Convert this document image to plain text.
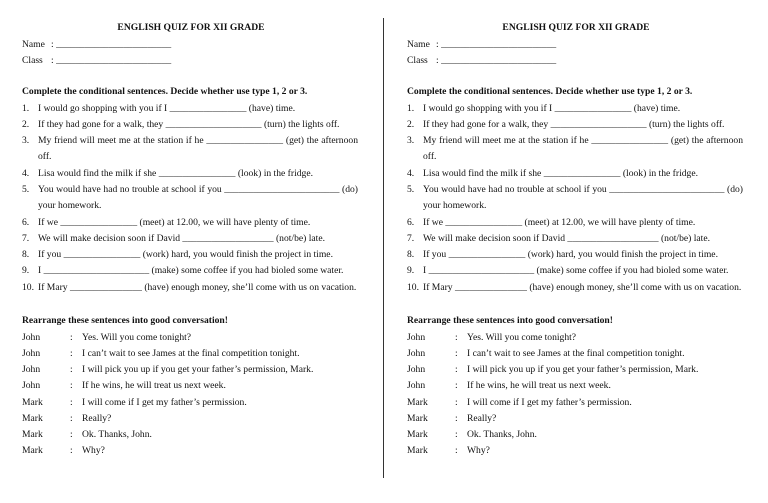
ENGLISH QUIZ FOR XII GRADE
Name : ________________________
Class : ________________________
Complete the conditional sentences. Decide whether use type 1, 2 or 3.
1. I would go shopping with you if I ________________ (have) time.
2. If they had gone for a walk, they ____________________ (turn) the lights off.
3. My friend will meet me at the station if he ________________ (get) the afternoon off.
4. Lisa would find the milk if she ________________ (look) in the fridge.
5. You would have had no trouble at school if you ________________________ (do) your homework.
6. If we ________________ (meet) at 12.00, we will have plenty of time.
7. We will make decision soon if David ___________________ (not/be) late.
8. If you ________________ (work) hard, you would finish the project in time.
9. I ______________________ (make) some coffee if you had bioled some water.
10. If Mary _______________ (have) enough money, she’ll come with us on vacation.
Rearrange these sentences into good conversation!
John	: Yes. Will you come tonight?
John	: I can’t wait to see James at the final competition tonight.
John	: I will pick you up if you get your father’s permission, Mark.
John	: If he wins, he will treat us next week.
Mark	: I will come if I get my father’s permission.
Mark	: Really?
Mark	: Ok. Thanks, John.
Mark	: Why?
ENGLISH QUIZ FOR XII GRADE
Name : ________________________
Class : ________________________
Complete the conditional sentences. Decide whether use type 1, 2 or 3.
1. I would go shopping with you if I ________________ (have) time.
2. If they had gone for a walk, they ____________________ (turn) the lights off.
3. My friend will meet me at the station if he ________________ (get) the afternoon off.
4. Lisa would find the milk if she ________________ (look) in the fridge.
5. You would have had no trouble at school if you ________________________ (do) your homework.
6. If we ________________ (meet) at 12.00, we will have plenty of time.
7. We will make decision soon if David ___________________ (not/be) late.
8. If you ________________ (work) hard, you would finish the project in time.
9. I ______________________ (make) some coffee if you had bioled some water.
10. If Mary _______________ (have) enough money, she’ll come with us on vacation.
Rearrange these sentences into good conversation!
John	: Yes. Will you come tonight?
John	: I can’t wait to see James at the final competition tonight.
John	: I will pick you up if you get your father’s permission, Mark.
John	: If he wins, he will treat us next week.
Mark	: I will come if I get my father’s permission.
Mark	: Really?
Mark	: Ok. Thanks, John.
Mark	: Why?
